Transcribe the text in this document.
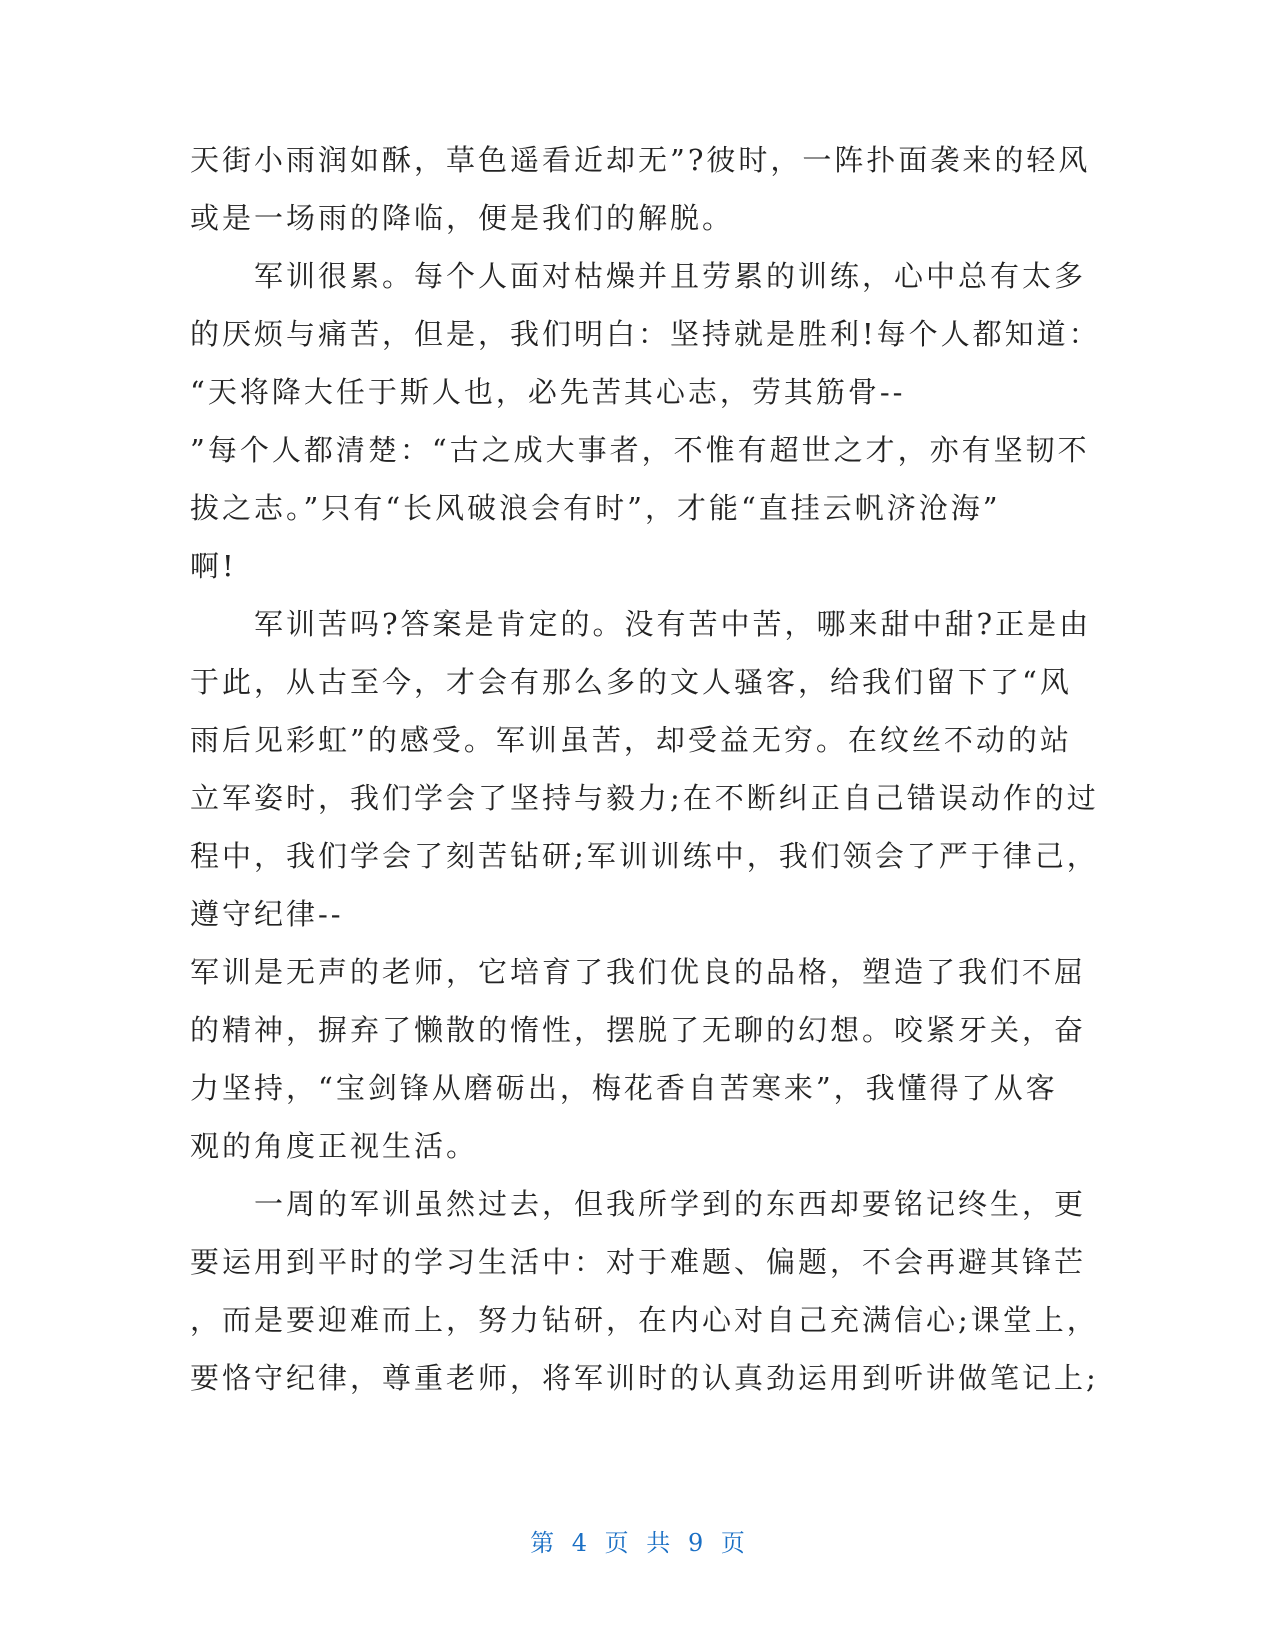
天街小雨润如酥，草色遥看近却无”?彼时，一阵扑面袭来的轻风
或是一场雨的降临，便是我们的解脱。
　　军训很累。每个人面对枯燥并且劳累的训练，心中总有太多
的厌烦与痛苦，但是，我们明白：坚持就是胜利!每个人都知道：
“天将降大任于斯人也，必先苦其心志，劳其筋骨--
”每个人都清楚：“古之成大事者，不惟有超世之才，亦有坚韧不
拔之志。”只有“长风破浪会有时”，才能“直挂云帆济沧海”
啊!
　　军训苦吗?答案是肯定的。没有苦中苦，哪来甜中甜?正是由
于此，从古至今，才会有那么多的文人骚客，给我们留下了“风
雨后见彩虹”的感受。军训虽苦，却受益无穷。在纹丝不动的站
立军姿时，我们学会了坚持与毅力;在不断纠正自己错误动作的过
程中，我们学会了刻苦钻研;军训训练中，我们领会了严于律己，
遵守纪律--
军训是无声的老师，它培育了我们优良的品格，塑造了我们不屈
的精神，摒弃了懒散的惰性，摆脱了无聊的幻想。咬紧牙关，奋
力坚持，“宝剑锋从磨砺出，梅花香自苦寒来”，我懂得了从客
观的角度正视生活。
　　一周的军训虽然过去，但我所学到的东西却要铭记终生，更
要运用到平时的学习生活中：对于难题、偏题，不会再避其锋芒
，而是要迎难而上，努力钻研，在内心对自己充满信心;课堂上，
要恪守纪律，尊重老师，将军训时的认真劲运用到听讲做笔记上;
第 4 页 共 9 页
